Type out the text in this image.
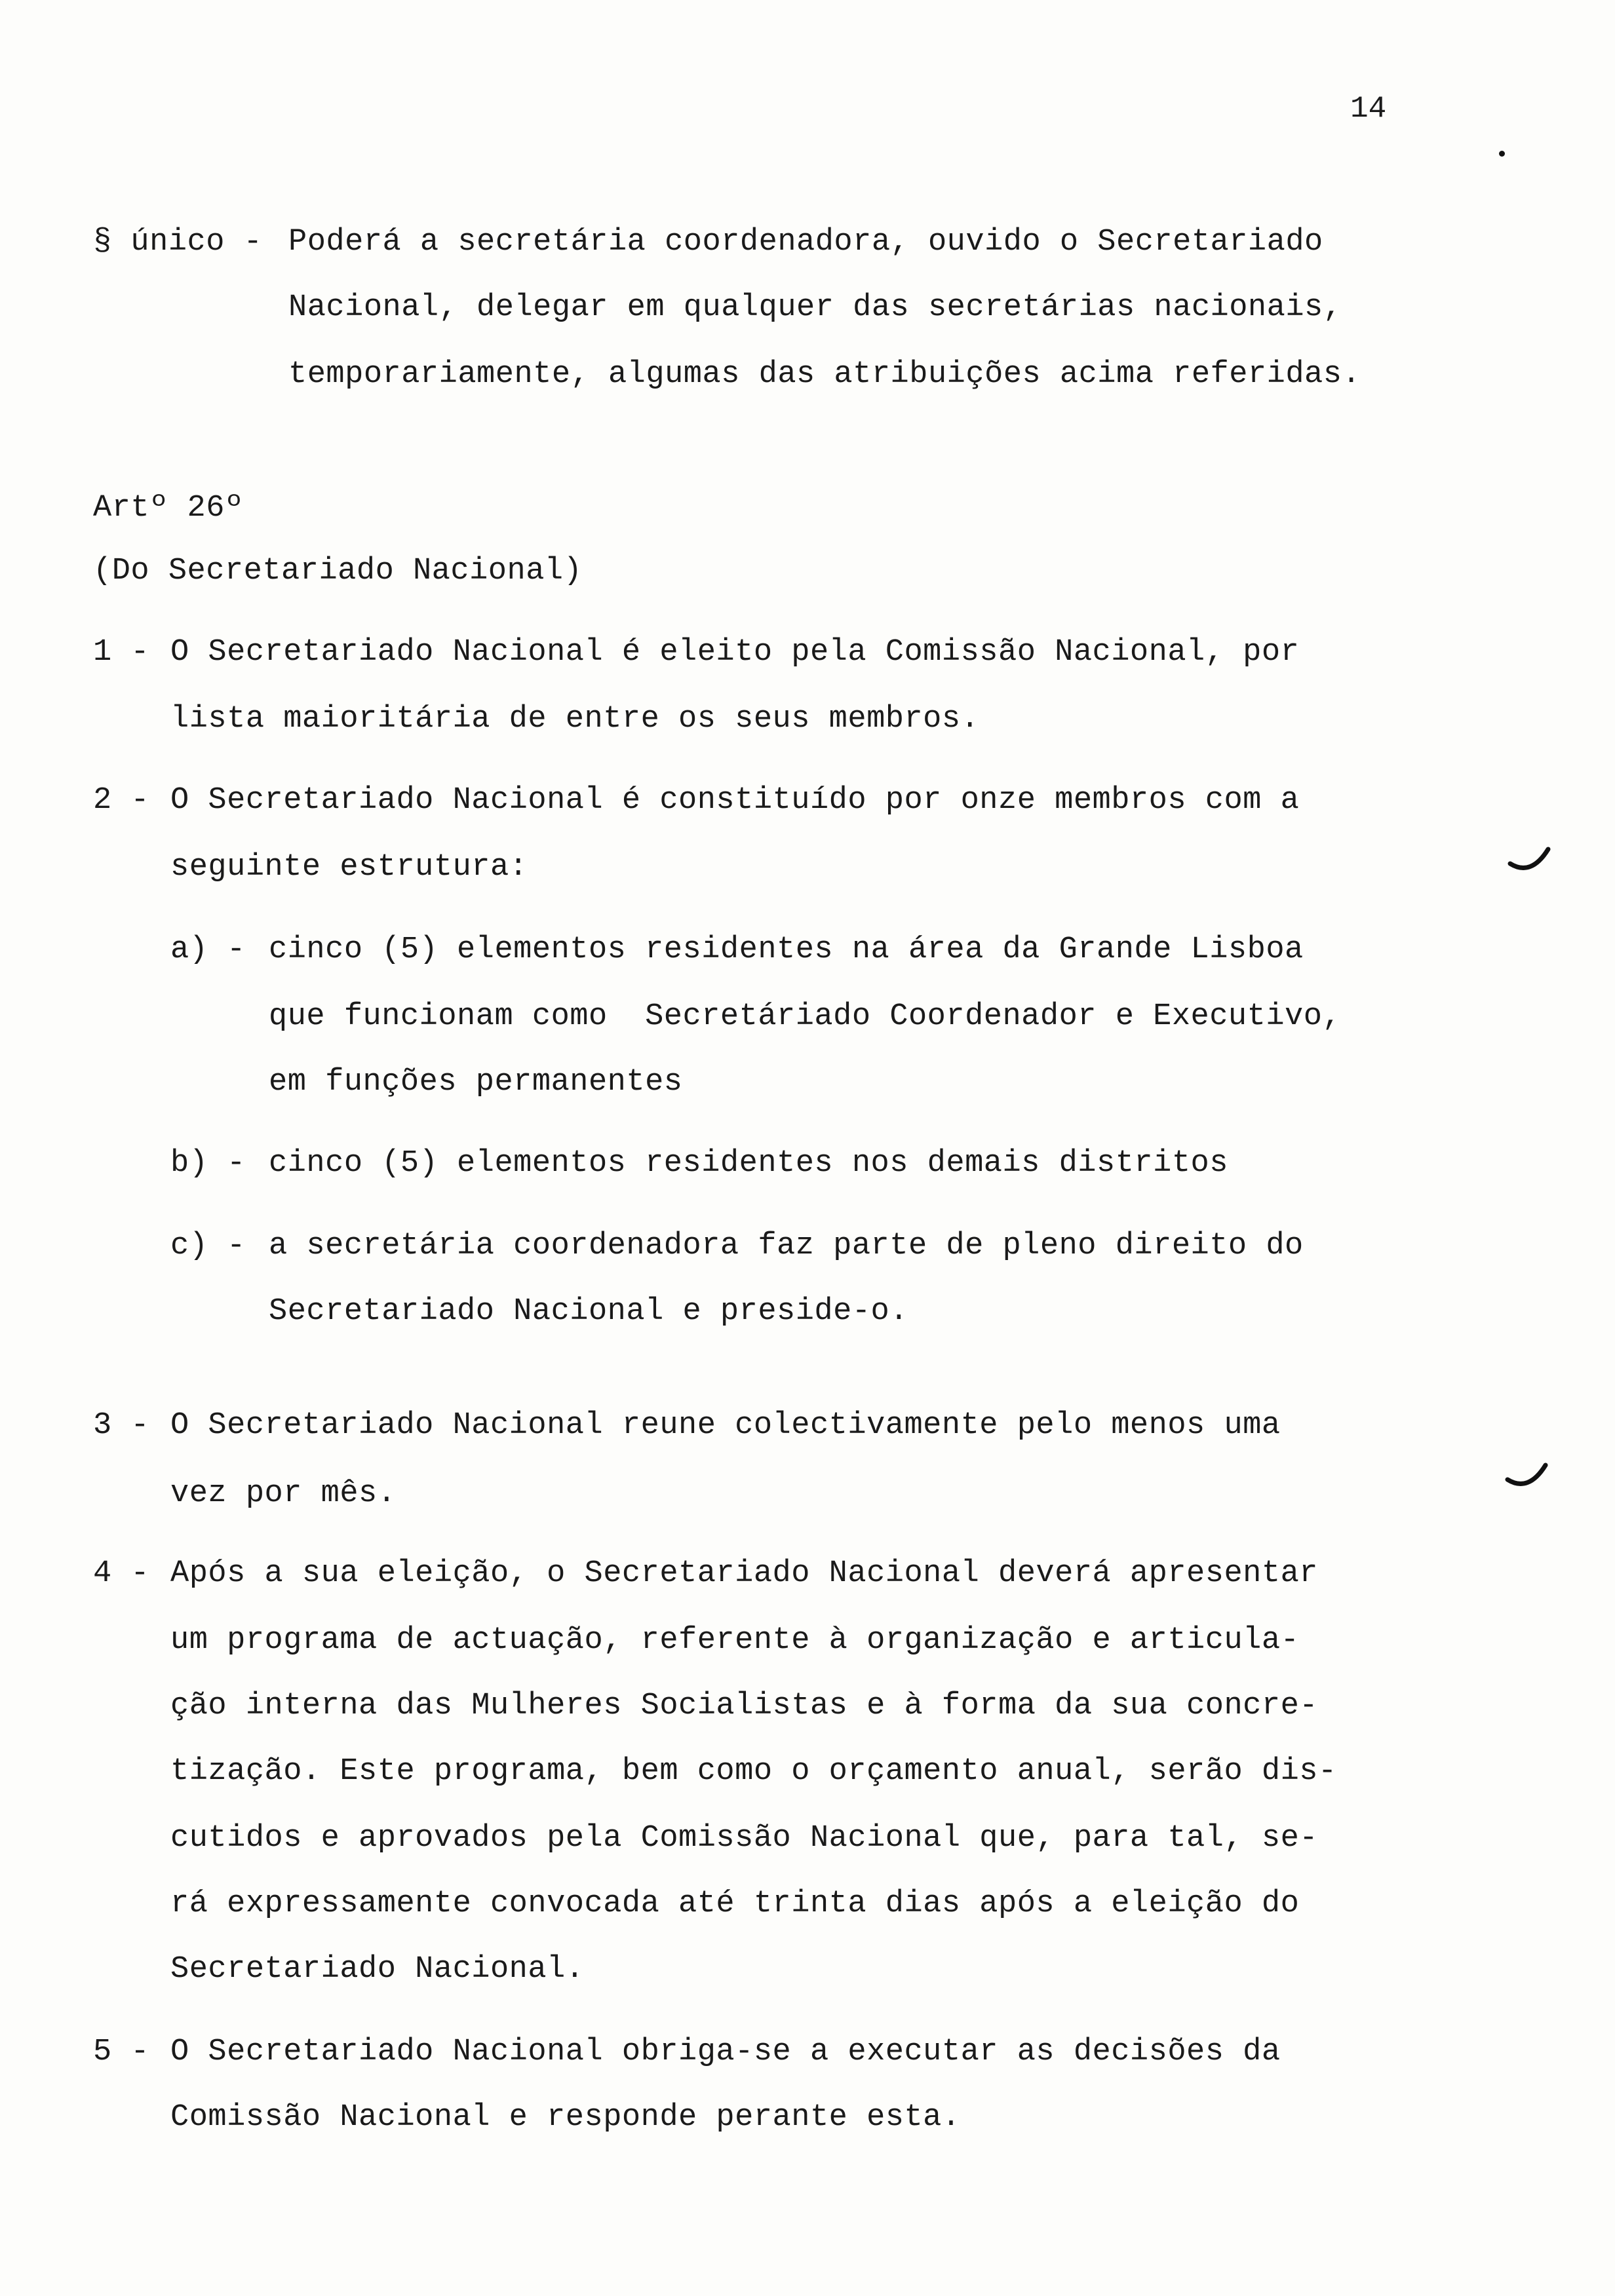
14
§ único - Poderá a secretária coordenadora, ouvido o Secretariado
Nacional, delegar em qualquer das secretárias nacionais,
temporariamente, algumas das atribuições acima referidas.
Artº 26º
(Do Secretariado Nacional)
1 - O Secretariado Nacional é eleito pela Comissão Nacional, por
lista maioritária de entre os seus membros.
2 - O Secretariado Nacional é constituído por onze membros com a
seguinte estrutura:
a) - cinco (5) elementos residentes na área da Grande Lisboa
que funcionam como  Secretáriado Coordenador e Executivo,
em funções permanentes
b) - cinco (5) elementos residentes nos demais distritos
c) - a secretária coordenadora faz parte de pleno direito do
Secretariado Nacional e preside-o.
3 - O Secretariado Nacional reune colectivamente pelo menos uma
vez por mês.
4 - Após a sua eleição, o Secretariado Nacional deverá apresentar
um programa de actuação, referente à organização e articula-
ção interna das Mulheres Socialistas e à forma da sua concre-
tização. Este programa, bem como o orçamento anual, serão dis-
cutidos e aprovados pela Comissão Nacional que, para tal, se-
rá expressamente convocada até trinta dias após a eleição do
Secretariado Nacional.
5 - O Secretariado Nacional obriga-se a executar as decisões da
Comissão Nacional e responde perante esta.
